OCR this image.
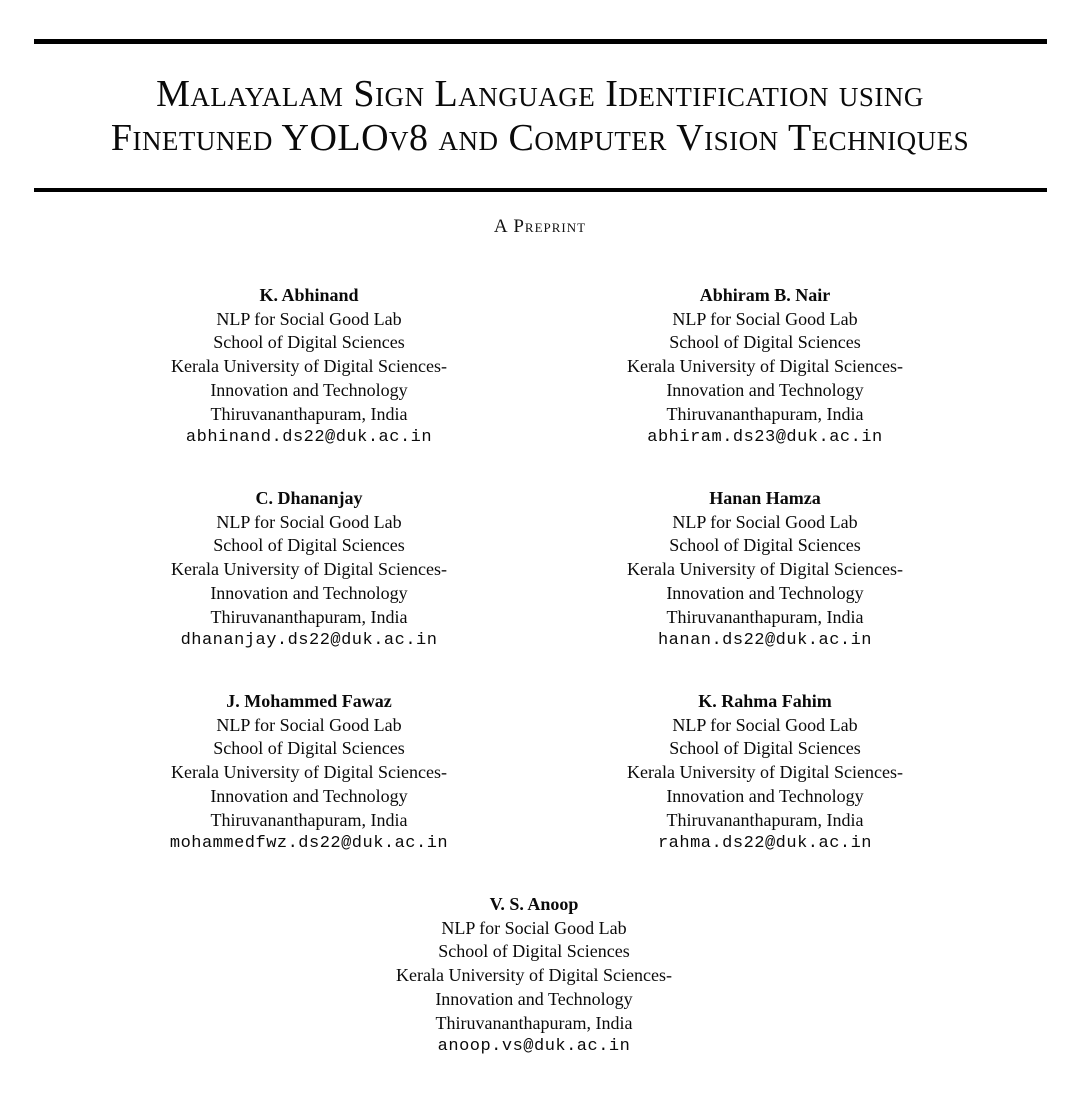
Malayalam Sign Language Identification using
Finetuned YOLOv8 and Computer Vision Techniques
A Preprint
K. Abhinand
NLP for Social Good Lab
School of Digital Sciences
Kerala University of Digital Sciences-
Innovation and Technology
Thiruvananthapuram, India
abhinand.ds22@duk.ac.in
Abhiram B. Nair
NLP for Social Good Lab
School of Digital Sciences
Kerala University of Digital Sciences-
Innovation and Technology
Thiruvananthapuram, India
abhiram.ds23@duk.ac.in
C. Dhananjay
NLP for Social Good Lab
School of Digital Sciences
Kerala University of Digital Sciences-
Innovation and Technology
Thiruvananthapuram, India
dhananjay.ds22@duk.ac.in
Hanan Hamza
NLP for Social Good Lab
School of Digital Sciences
Kerala University of Digital Sciences-
Innovation and Technology
Thiruvananthapuram, India
hanan.ds22@duk.ac.in
J. Mohammed Fawaz
NLP for Social Good Lab
School of Digital Sciences
Kerala University of Digital Sciences-
Innovation and Technology
Thiruvananthapuram, India
mohammedfwz.ds22@duk.ac.in
K. Rahma Fahim
NLP for Social Good Lab
School of Digital Sciences
Kerala University of Digital Sciences-
Innovation and Technology
Thiruvananthapuram, India
rahma.ds22@duk.ac.in
V. S. Anoop
NLP for Social Good Lab
School of Digital Sciences
Kerala University of Digital Sciences-
Innovation and Technology
Thiruvananthapuram, India
anoop.vs@duk.ac.in
